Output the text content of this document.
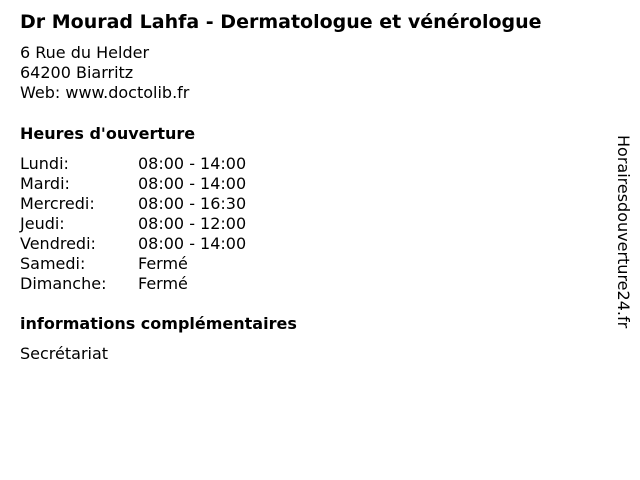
Dr Mourad Lahfa - Dermatologue et vénérologue
6 Rue du Helder
64200 Biarritz
Web: www.doctolib.fr
Heures d'ouverture
Lundi:	08:00 - 14:00
Mardi:	08:00 - 14:00
Mercredi:	08:00 - 16:30
Jeudi:	08:00 - 12:00
Vendredi:	08:00 - 14:00
Samedi:	Fermé
Dimanche:	Fermé
informations complémentaires
Secrétariat
Horairesdouverture24.fr
